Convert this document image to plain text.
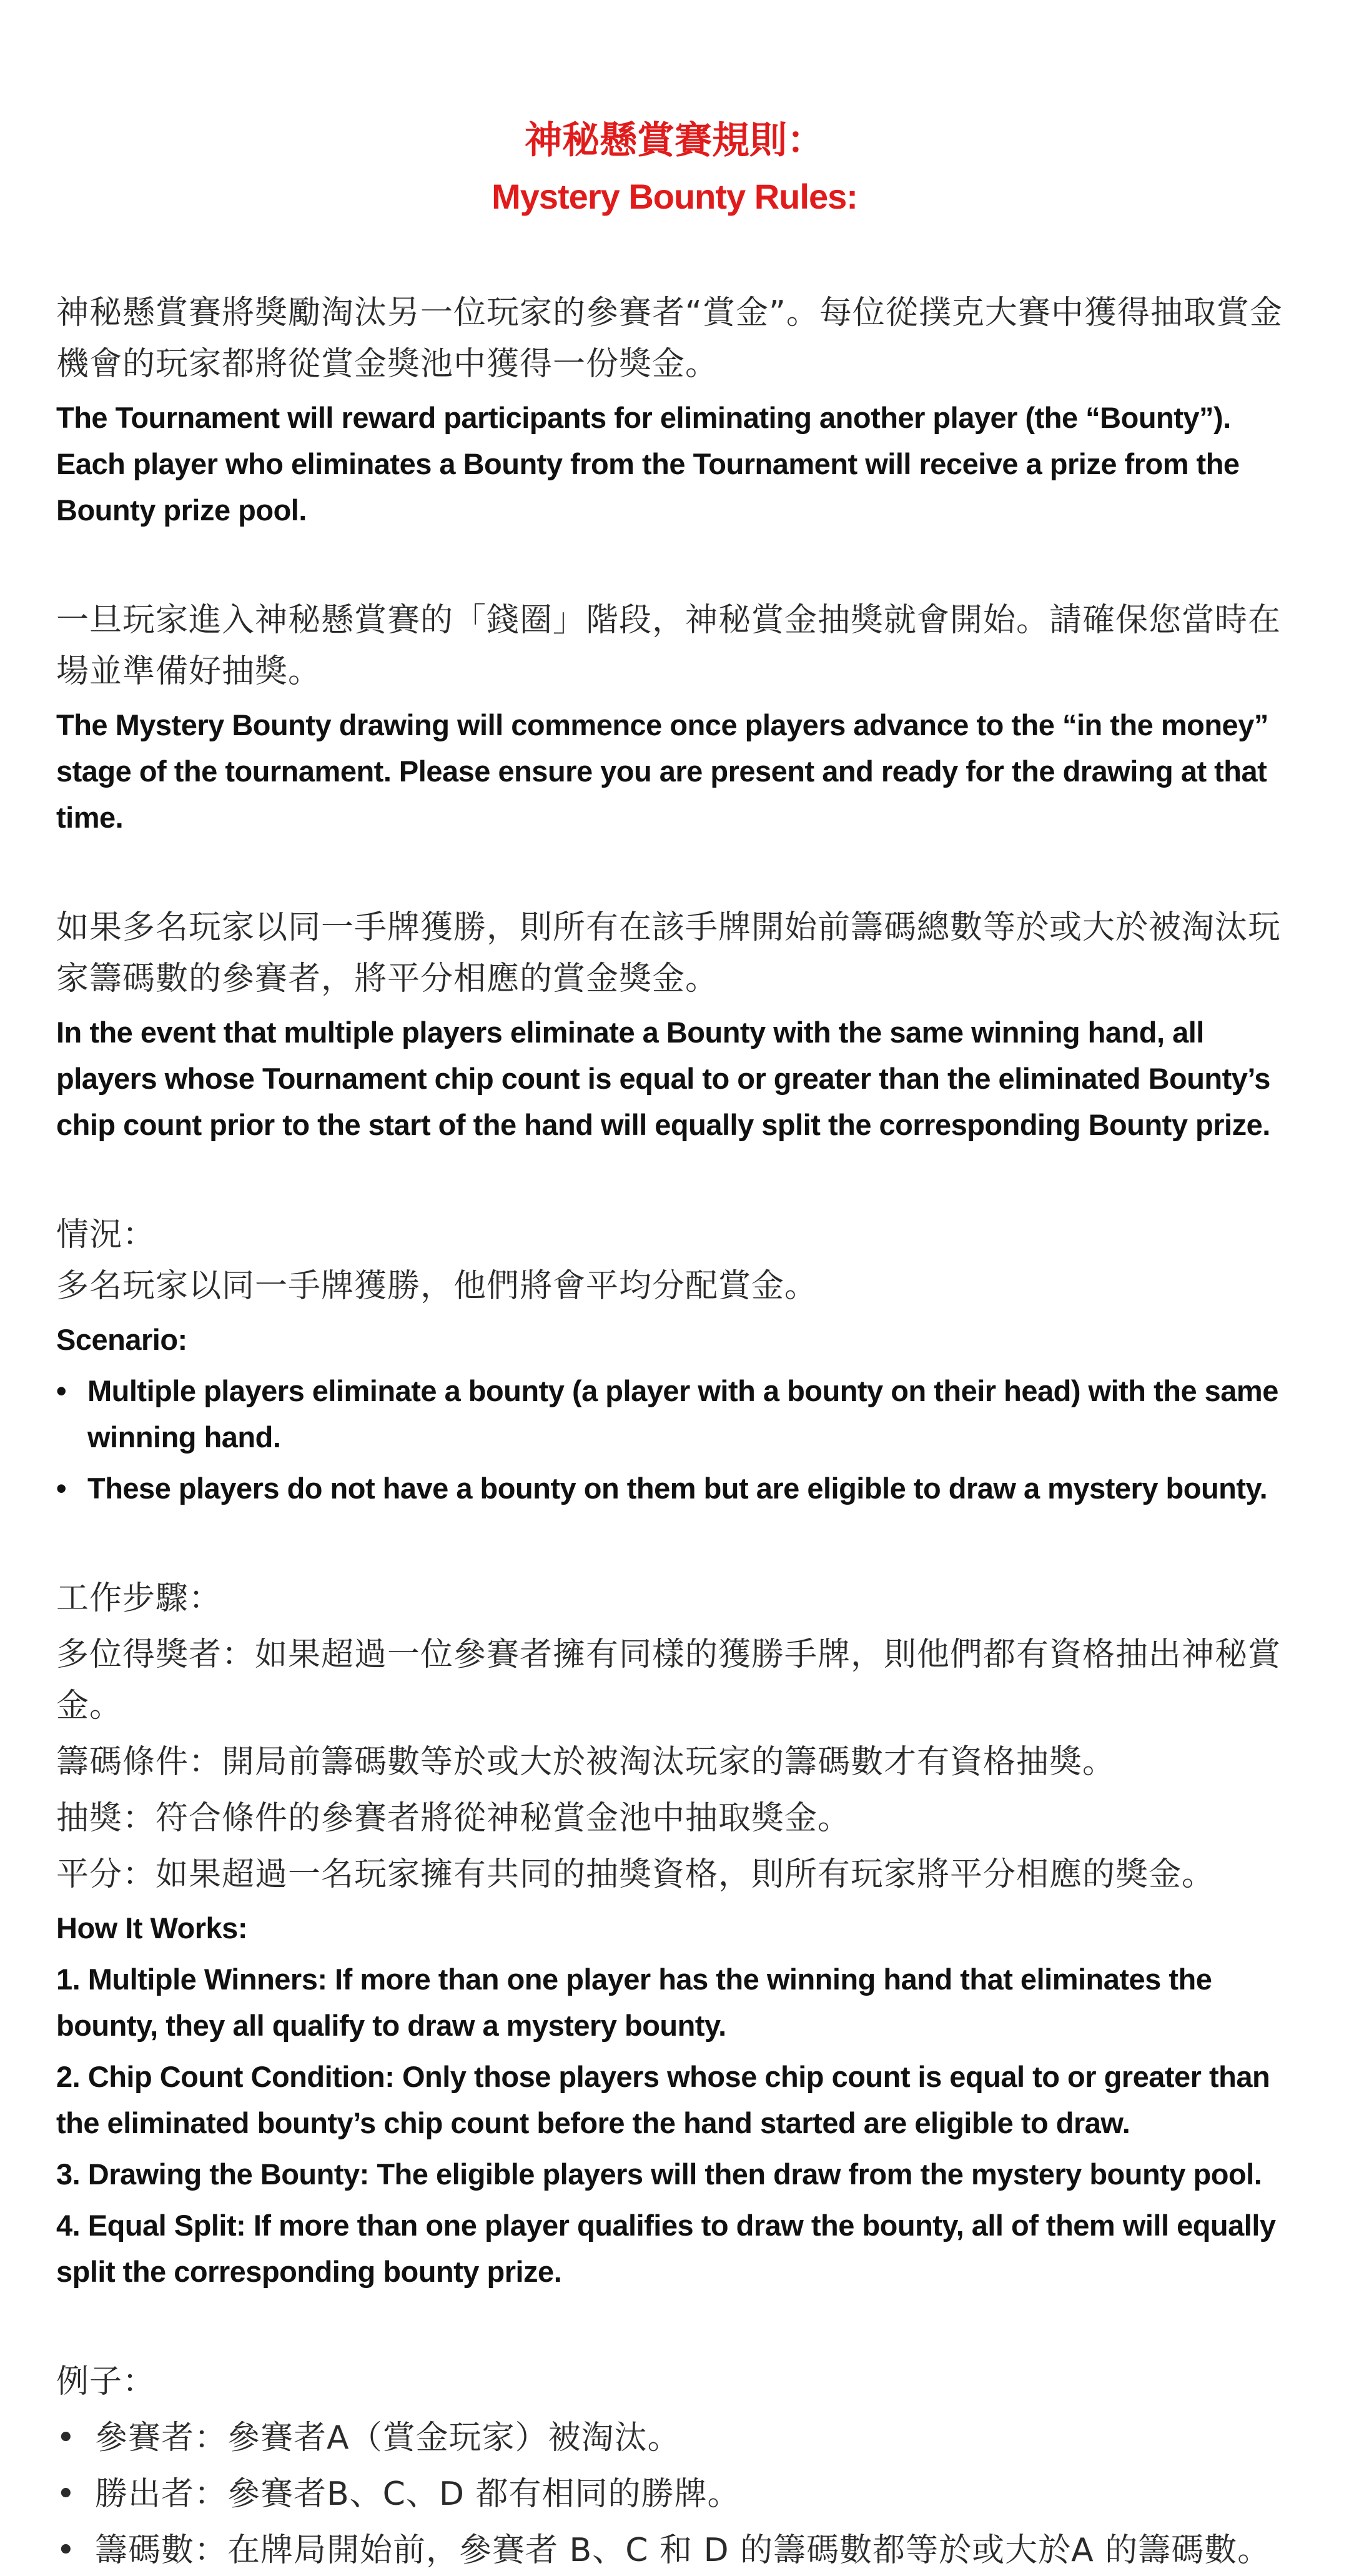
神秘懸賞賽規則：
Mystery Bounty Rules:

神秘懸賞賽將獎勵淘汰另一位玩家的參賽者“賞金”。每位從撲克大賽中獲得抽取賞金機會的玩家都將從賞金獎池中獲得一份獎金。

The Tournament will reward participants for eliminating another player (the “Bounty”). Each player who eliminates a Bounty from the Tournament will receive a prize from the Bounty prize pool.

一旦玩家進入神秘懸賞賽的「錢圈」階段，神秘賞金抽獎就會開始。請確保您當時在場並準備好抽獎。

The Mystery Bounty drawing will commence once players advance to the “in the money” stage of the tournament. Please ensure you are present and ready for the drawing at that time.

如果多名玩家以同一手牌獲勝，則所有在該手牌開始前籌碼總數等於或大於被淘汰玩家籌碼數的參賽者，將平分相應的賞金獎金。

In the event that multiple players eliminate a Bounty with the same winning hand, all players whose Tournament chip count is equal to or greater than the eliminated Bounty’s chip count prior to the start of the hand will equally split the corresponding Bounty prize.

情況：

多名玩家以同一手牌獲勝，他們將會平均分配賞金。

Scenario:

• Multiple players eliminate a bounty (a player with a bounty on their head) with the same winning hand.

• These players do not have a bounty on them but are eligible to draw a mystery bounty.

工作步驟：

多位得獎者：如果超過一位參賽者擁有同樣的獲勝手牌，則他們都有資格抽出神秘賞金。

籌碼條件：開局前籌碼數等於或大於被淘汰玩家的籌碼數才有資格抽獎。

抽獎：符合條件的參賽者將從神秘賞金池中抽取獎金。

平分：如果超過一名玩家擁有共同的抽獎資格，則所有玩家將平分相應的獎金。

How It Works:

1. Multiple Winners: If more than one player has the winning hand that eliminates the bounty, they all qualify to draw a mystery bounty.

2. Chip Count Condition: Only those players whose chip count is equal to or greater than the eliminated bounty’s chip count before the hand started are eligible to draw.

3. Drawing the Bounty: The eligible players will then draw from the mystery bounty pool.

4. Equal Split: If more than one player qualifies to draw the bounty, all of them will equally split the corresponding bounty prize.

例子：

• 參賽者：參賽者A（賞金玩家）被淘汰。

• 勝出者：參賽者B、C、D 都有相同的勝牌。

• 籌碼數：在牌局開始前，參賽者 B、C 和 D 的籌碼數都等於或大於A 的籌碼數。
